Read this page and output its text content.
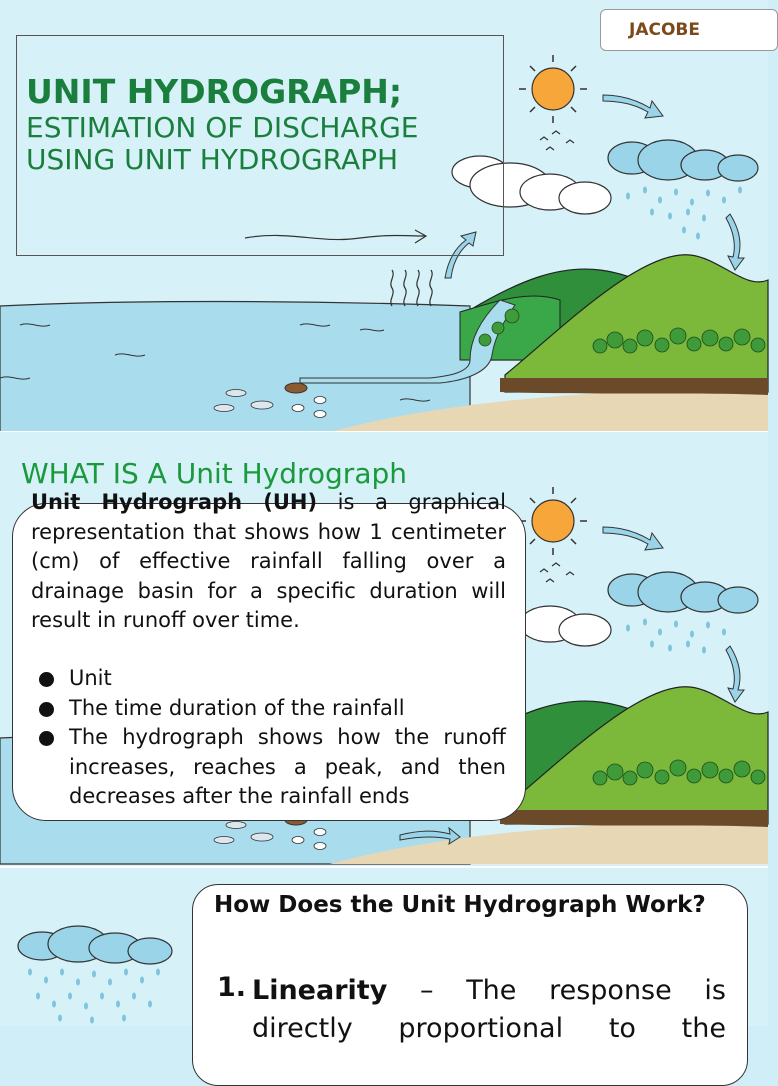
JACOBE
UNIT HYDROGRAPH;
ESTIMATION OF DISCHARGE USING UNIT HYDROGRAPH
WHAT IS A Unit Hydrograph
Unit Hydrograph (UH) is a graphical representation that shows how 1 centimeter (cm) of effective rainfall falling over a drainage basin for a specific duration will result in runoff over time.
Unit
The time duration of the rainfall
The hydrograph shows how the runoff increases, reaches a peak, and then decreases after the rainfall ends
How Does the Unit Hydrograph Work?
1. Linearity – The response is
directly proportional to the
